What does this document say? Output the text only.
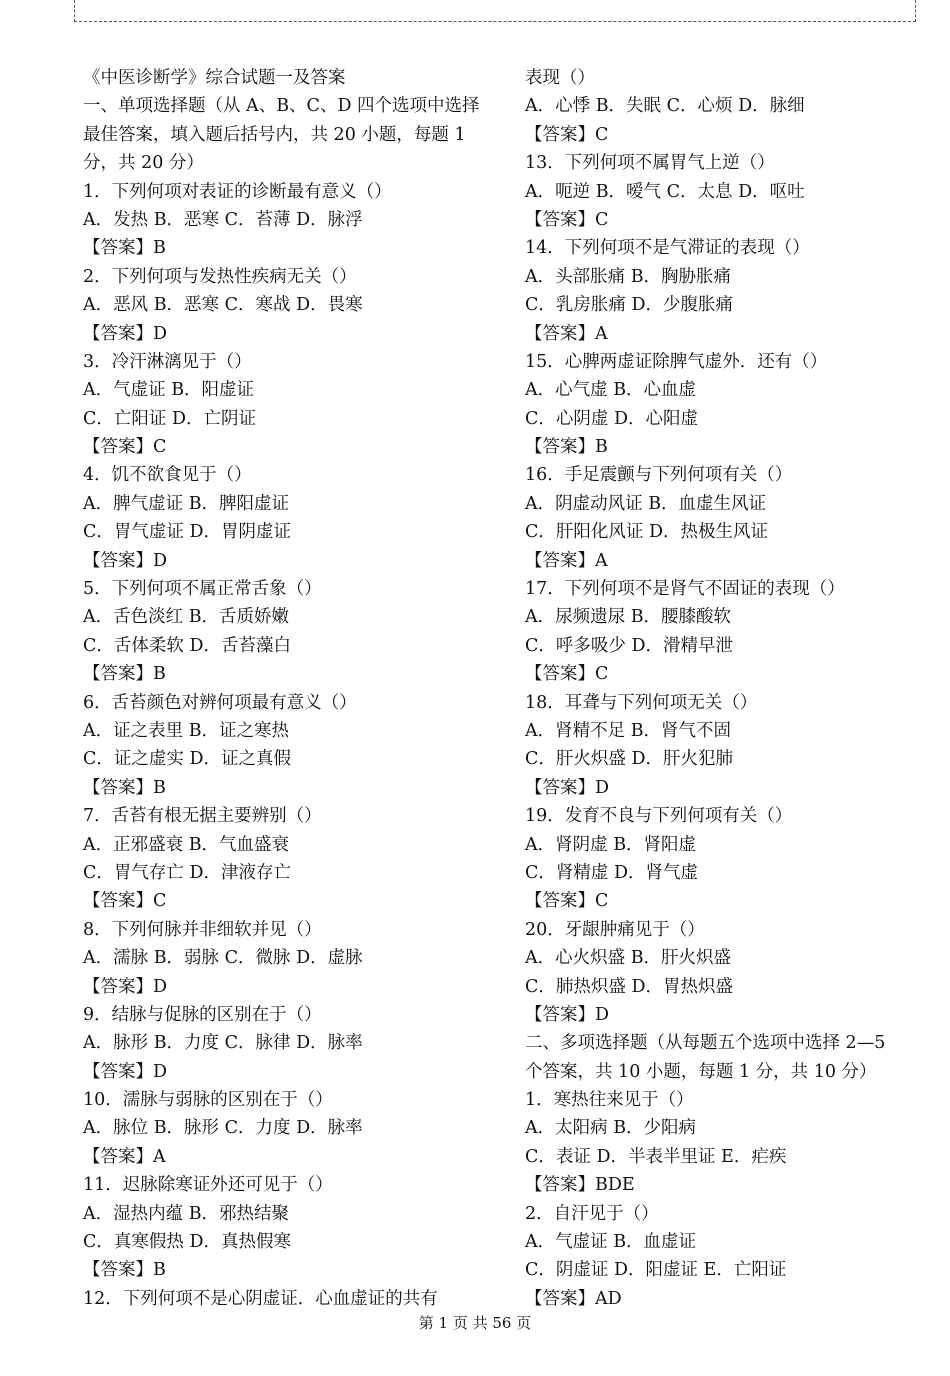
《中医诊断学》综合试题一及答案
一、单项选择题（从 A、B、C、D 四个选项中选择
最佳答案，填入题后括号内，共 20 小题，每题 1
分，共 20 分）
1．下列何项对表证的诊断最有意义（）
A．发热 B．恶寒 C．苔薄 D．脉浮
【答案】B
2．下列何项与发热性疾病无关（）
A．恶风 B．恶寒 C．寒战 D．畏寒
【答案】D
3．冷汗淋漓见于（）
A．气虚证 B．阳虚证
C．亡阳证 D．亡阴证
【答案】C
4．饥不欲食见于（）
A．脾气虚证 B．脾阳虚证
C．胃气虚证 D．胃阴虚证
【答案】D
5．下列何项不属正常舌象（）
A．舌色淡红 B．舌质娇嫩
C．舌体柔软 D．舌苔藻白
【答案】B
6．舌苔颜色对辨何项最有意义（）
A．证之表里 B．证之寒热
C．证之虚实 D．证之真假
【答案】B
7．舌苔有根无据主要辨别（）
A．正邪盛衰 B．气血盛衰
C．胃气存亡 D．津液存亡
【答案】C
8．下列何脉并非细软并见（）
A．濡脉 B．弱脉 C．微脉 D．虚脉
【答案】D
9．结脉与促脉的区别在于（）
A．脉形 B．力度 C．脉律 D．脉率
【答案】D
10．濡脉与弱脉的区别在于（）
A．脉位 B．脉形 C．力度 D．脉率
【答案】A
11．迟脉除寒证外还可见于（）
A．湿热内蕴 B．邪热结聚
C．真寒假热 D．真热假寒
【答案】B
12．下列何项不是心阴虚证．心血虚证的共有
表现（）
A．心悸 B．失眠 C．心烦 D．脉细
【答案】C
13．下列何项不属胃气上逆（）
A．呃逆 B．嗳气 C．太息 D．呕吐
【答案】C
14．下列何项不是气滞证的表现（）
A．头部胀痛 B．胸胁胀痛
C．乳房胀痛 D．少腹胀痛
【答案】A
15．心脾两虚证除脾气虚外．还有（）
A．心气虚 B．心血虚
C．心阴虚 D．心阳虚
【答案】B
16．手足震颤与下列何项有关（）
A．阴虚动风证 B．血虚生风证
C．肝阳化风证 D．热极生风证
【答案】A
17．下列何项不是肾气不固证的表现（）
A．尿频遗尿 B．腰膝酸软
C．呼多吸少 D．滑精早泄
【答案】C
18．耳聋与下列何项无关（）
A．肾精不足 B．肾气不固
C．肝火炽盛 D．肝火犯肺
【答案】D
19．发育不良与下列何项有关（）
A．肾阴虚 B．肾阳虚
C．肾精虚 D．肾气虚
【答案】C
20．牙龈肿痛见于（）
A．心火炽盛 B．肝火炽盛
C．肺热炽盛 D．胃热炽盛
【答案】D
二、多项选择题（从每题五个选项中选择 2—5
个答案，共 10 小题，每题 1 分，共 10 分）
1．寒热往来见于（）
A．太阳病 B．少阳病
C．表证 D．半表半里证 E．疟疾
【答案】BDE
2．自汗见于（）
A．气虚证 B．血虚证
C．阴虚证 D．阳虚证 E．亡阳证
【答案】AD
第 1 页 共 56 页
